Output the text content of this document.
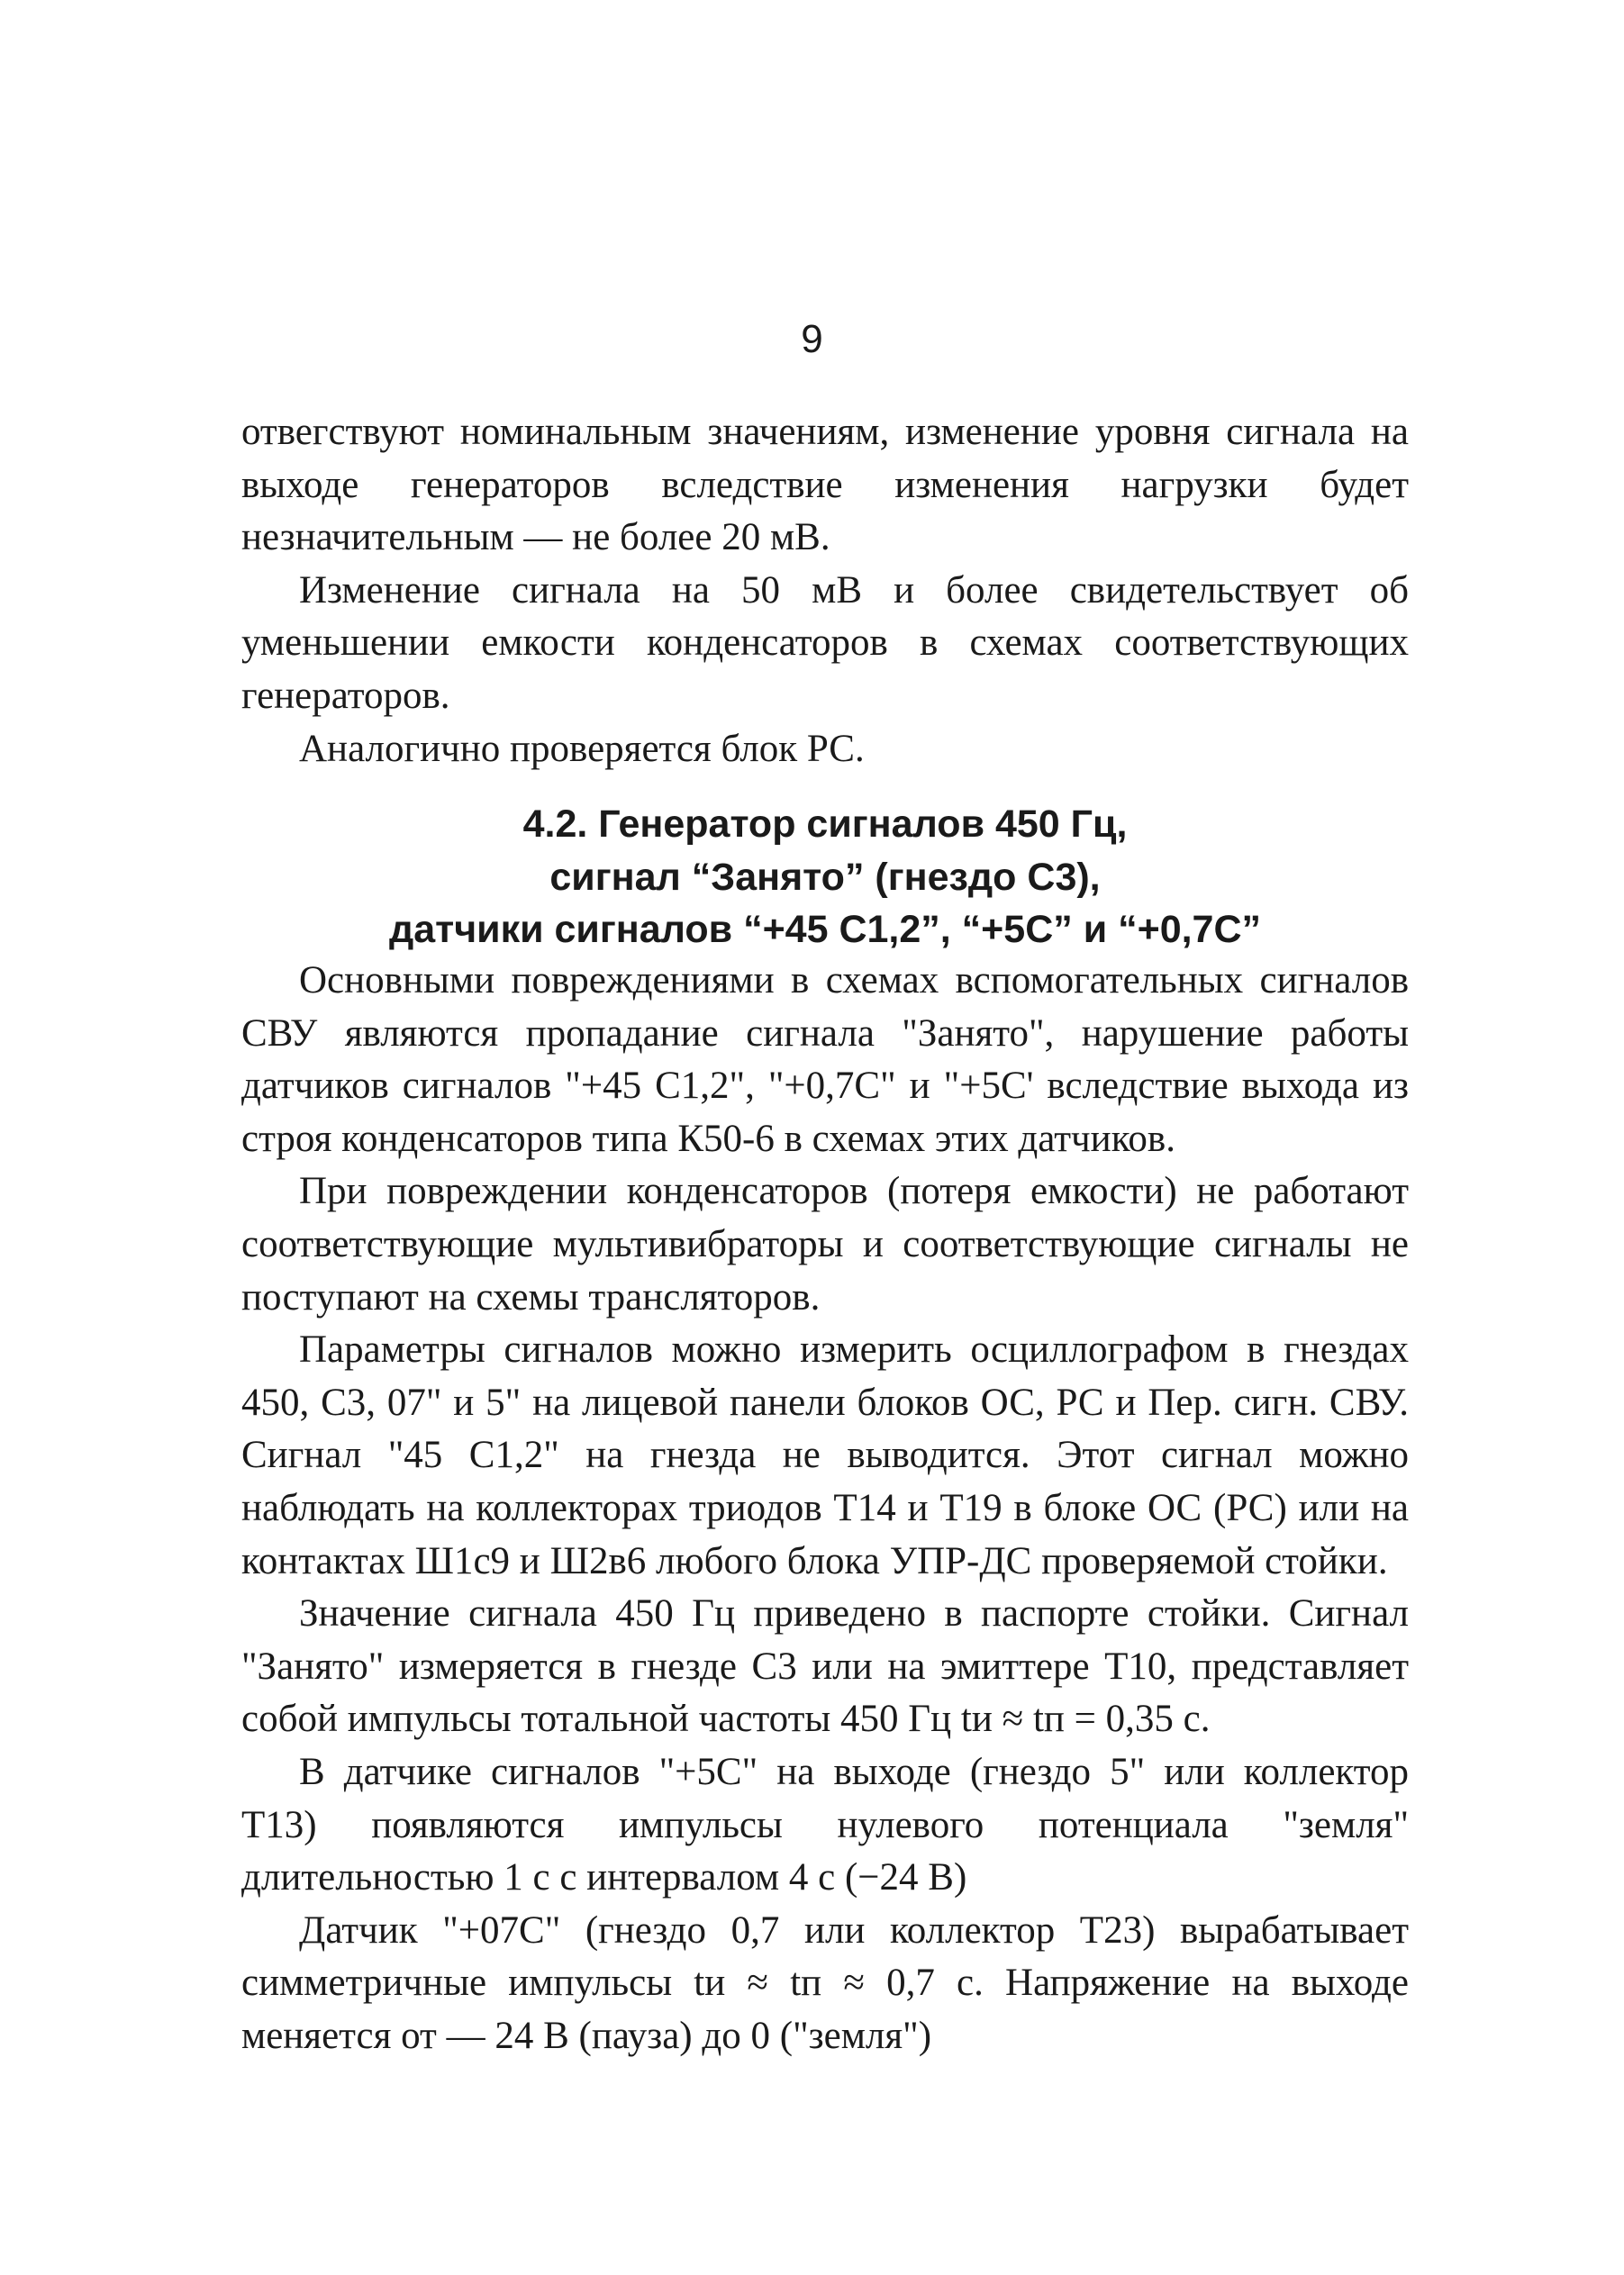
9

отвегствуют номинальным значениям, изменение уровня сигнала на выходе генераторов вследствие изменения нагрузки будет незначительным — не более 20 мВ.

Изменение сигнала на 50 мВ и более свидетельствует об уменьшении емкости конденсаторов в схемах соответствующих генераторов.

Аналогично проверяется блок РС.

4.2. Генератор сигналов 450 Гц,
сигнал “Занято” (гнездо С3),
датчики сигналов “+45 С1,2”, “+5С” и “+0,7С”

Основными повреждениями в схемах вспомогательных сигналов СВУ являются пропадание сигнала "Занято", нарушение работы датчиков сигналов "+45 С1,2", "+0,7С" и "+5С' вследствие выхода из строя конденсаторов типа К50-6 в схемах этих датчиков.

При повреждении конденсаторов (потеря емкости) не работают соответствующие мультивибраторы и соответствующие сигналы не поступают на схемы трансляторов.

Параметры сигналов можно измерить осциллографом в гнездах 450, С3, 07" и 5" на лицевой панели блоков ОС, РС и Пер. сигн. СВУ. Сигнал "45 С1,2" на гнезда не выводится. Этот сигнал можно наблюдать на коллекторах триодов Т14 и Т19 в блоке ОС (РС) или на контактах Ш1с9 и Ш2в6 любого блока УПР-ДС проверяемой стойки.

Значение сигнала 450 Гц приведено в паспорте стойки. Сигнал "Занято" измеряется в гнезде С3 или на эмиттере Т10, представляет собой импульсы тотальной частоты 450 Гц tи ≈ tп = 0,35 с.

В датчике сигналов "+5С" на выходе (гнездо 5" или коллектор Т13) появляются импульсы нулевого потенциала "земля" длительностью 1 с с интервалом 4 с (−24 В)

Датчик "+07С" (гнездо 0,7 или коллектор Т23) вырабатывает симметричные импульсы tи ≈ tп ≈ 0,7 с. Напряжение на выходе меняется от — 24 В (пауза) до 0 ("земля")
